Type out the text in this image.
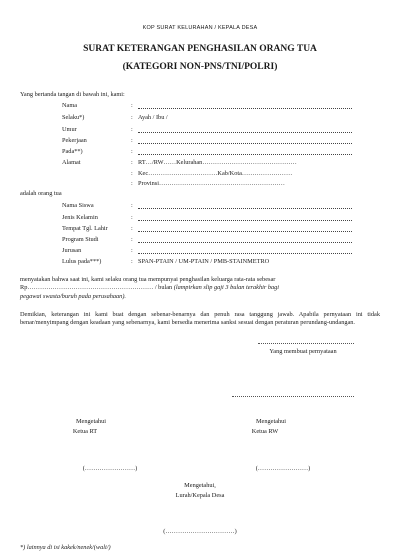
KOP SURAT KELURAHAN / KEPALA DESA
SURAT KETERANGAN PENGHASILAN ORANG TUA
(KATEGORI NON-PNS/TNI/POLRI)
Yang bertanda tangan di bawah ini, kami:
Nama	:
Selaku*)	: Ayah / Ibu /
Umur	:
Pekerjaan	:
Pada**)	:
Alamat	: RT…/RW……Kelurahan………………………………………
: Kec……………………………Kab/Kota……………………
: Provinsi……………………………………………………
adalah orang tua
Nama Siswa	:
Jenis Kelamin	:
Tempat Tgl. Lahir	:
Program Studi	:
Jurusan	:
Lulus pada***)	: SPAN-PTAIN / UM-PTAIN / PMB-STAINMETRO
menyatakan bahwa saat ini, kami selaku orang tua mempunyai penghasilan keluarga rata-rata sebesar
Rp…………………………………………………… / bulan (lampirkan slip gaji 3 bulan terakhir bagi
pegawai swasta/buruh pada perusahaan).
Demikian, keterangan ini kami buat dengan sebenar-benarnya dan penuh rasa tanggung jawab. Apabila pernyataan ini tidak benar/menyimpang dengan keadaan yang sebenarnya, kami bersedia menerima sanksi sesuai dengan peraturan perundang-undangan.
Yang membuat pernyataan
Mengetahui
Ketua RT
Mengetahui
Ketua RW
(……………………)	(……………………)
Mengetahui,
Lurah/Kepala Desa
(……………………………)
*) lainnya di isi kakek/nenek/(wali/)
